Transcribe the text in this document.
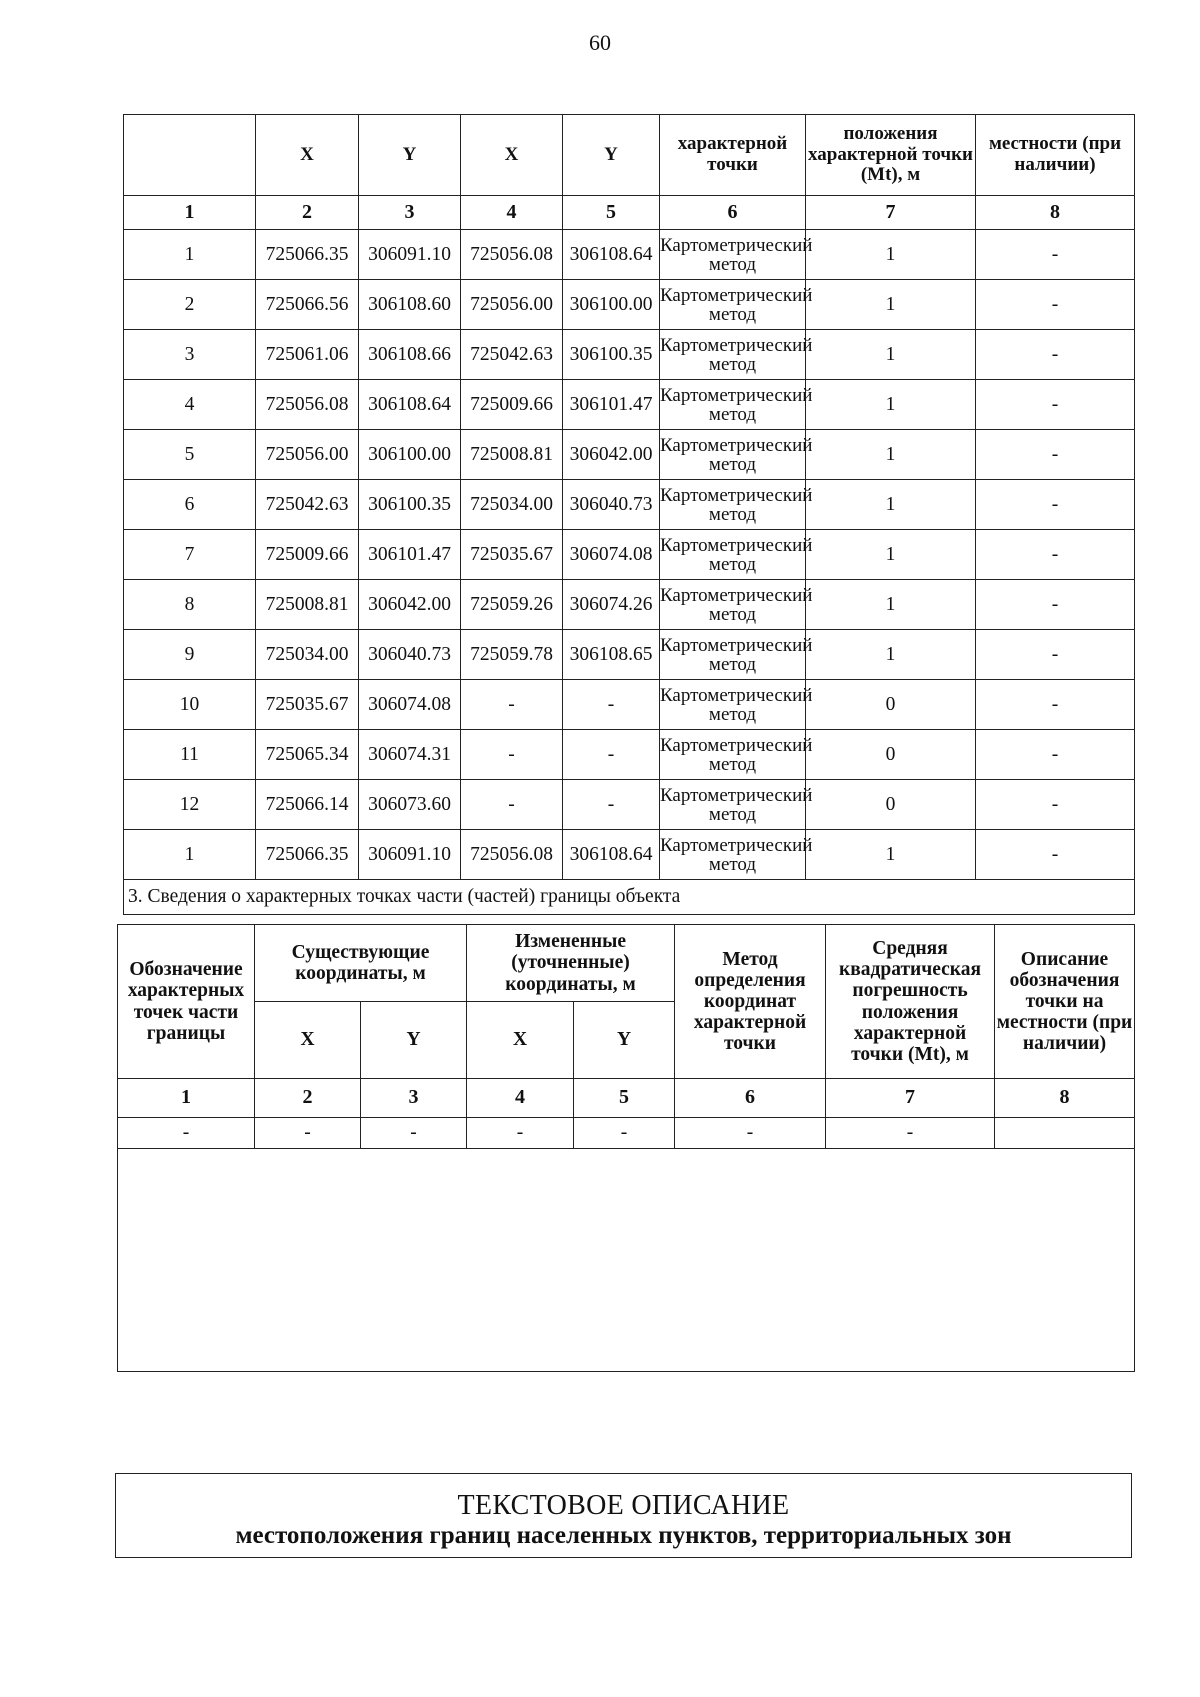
60
	X	Y	X	Y	характерной точки	положения характерной точки (Mt), м	местности (при наличии)
1	2	3	4	5	6	7	8
1	725066.35	306091.10	725056.08	306108.64	Картометрический метод	1	-
2	725066.56	306108.60	725056.00	306100.00	Картометрический метод	1	-
3	725061.06	306108.66	725042.63	306100.35	Картометрический метод	1	-
4	725056.08	306108.64	725009.66	306101.47	Картометрический метод	1	-
5	725056.00	306100.00	725008.81	306042.00	Картометрический метод	1	-
6	725042.63	306100.35	725034.00	306040.73	Картометрический метод	1	-
7	725009.66	306101.47	725035.67	306074.08	Картометрический метод	1	-
8	725008.81	306042.00	725059.26	306074.26	Картометрический метод	1	-
9	725034.00	306040.73	725059.78	306108.65	Картометрический метод	1	-
10	725035.67	306074.08	-	-	Картометрический метод	0	-
11	725065.34	306074.31	-	-	Картометрический метод	0	-
12	725066.14	306073.60	-	-	Картометрический метод	0	-
1	725066.35	306091.10	725056.08	306108.64	Картометрический метод	1	-
3. Сведения о характерных точках части (частей) границы объекта							
Обозначение характерных точек части границы	Существующие координаты, м		Измененные (уточненные) координаты, м		Метод определения координат характерной точки	Средняя квадратическая погрешность положения характерной точки (Mt), м	Описание обозначения точки на местности (при наличии)
	X	Y	X	Y			
1	2	3	4	5	6	7	8
-	-	-	-	-	-	-	

ТЕКСТОВОЕ ОПИСАНИЕ
местоположения границ населенных пунктов, территориальных зон
